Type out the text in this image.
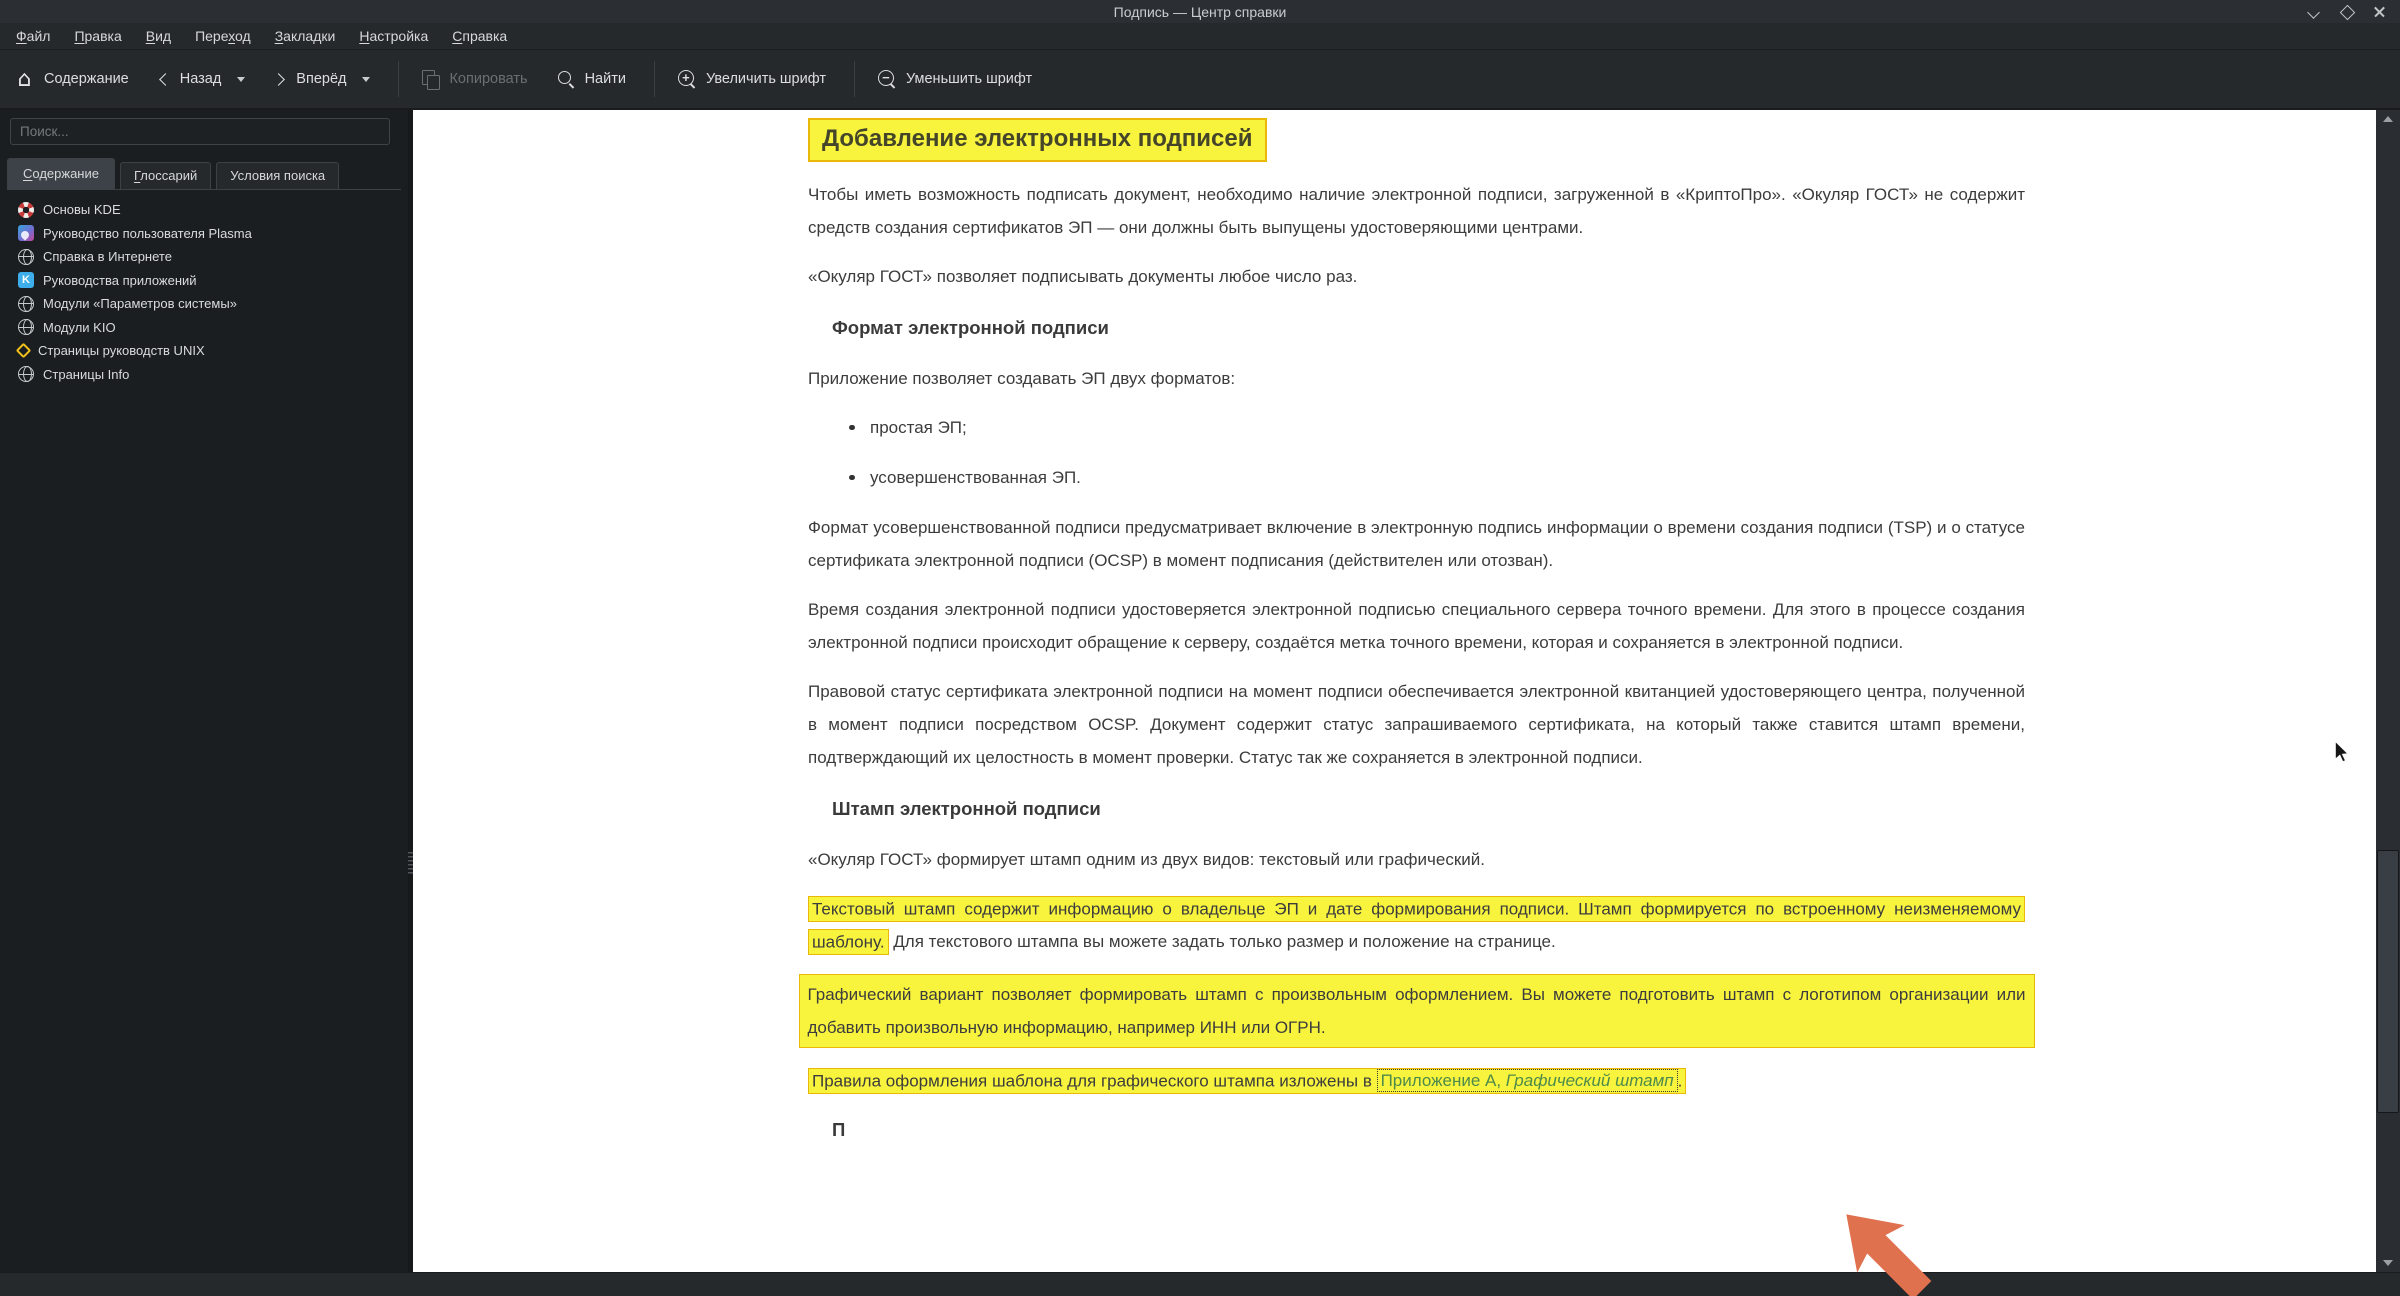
Подпись — Центр справки
Файл	Правка	Вид	Переход	Закладки	Настройка	Справка
⌂
Содержание	Назад	Вперёд	Копировать	Найти +	Увеличить шрифт −	Уменьшить шрифт
Поиск...
Содержание	Глоссарий	Условия поиска
Основы KDE
Руководство пользователя Plasma
Справка в Интернете
K
Руководства приложений
Модули «Параметров системы»
Модули KIO
Страницы руководств UNIX
Страницы Info
Добавление электронных подписей

Чтобы иметь возможность подписать документ, необходимо наличие электронной подписи, загруженной в «КриптоПро». «Окуляр ГОСТ» не содержит средств создания сертификатов ЭП — они должны быть выпущены удостоверяющими центрами.

«Окуляр ГОСТ» позволяет подписывать документы любое число раз.

Формат электронной подписи

Приложение позволяет создавать ЭП двух форматов:

простая ЭП;
усовершенствованная ЭП.

Формат усовершенствованной подписи предусматривает включение в электронную подпись информации о времени создания подписи (TSP) и о статусе сертификата электронной подписи (OCSP) в момент подписания (действителен или отозван).

Время создания электронной подписи удостоверяется электронной подписью специального сервера точного времени. Для этого в процессе создания электронной подписи происходит обращение к серверу, создаётся метка точного времени, которая и сохраняется в электронной подписи.

Правовой статус сертификата электронной подписи на момент подписи обеспечивается электронной квитанцией удостоверяющего центра, полученной в момент подписи посредством OCSP. Документ содержит статус запрашиваемого сертификата, на который также ставится штамп времени, подтверждающий их целостность в момент проверки. Статус так же сохраняется в электронной подписи.

Штамп электронной подписи

«Окуляр ГОСТ» формирует штамп одним из двух видов: текстовый или графический.

Текстовый штамп содержит информацию о владельце ЭП и дате формирования подписи. Штамп формируется по встроенному неизменяемому шаблону. Для текстового штампа вы можете задать только размер и положение на странице.

Графический вариант позволяет формировать штамп с произвольным оформлением. Вы можете подготовить штамп с логотипом организации или добавить произвольную информацию, например ИНН или ОГРН.

Правила оформления шаблона для графического штампа изложены в Приложение А, Графический штамп .

П
